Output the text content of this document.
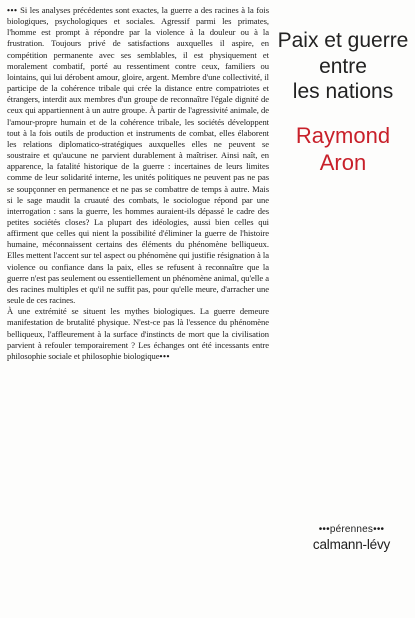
••• Si les analyses précédentes sont exactes, la guerre a des racines à la fois biologiques, psychologiques et sociales. Agressif parmi les primates, l'homme est prompt à répondre par la violence à la douleur ou à la frustration. Toujours privé de satisfactions auxquelles il aspire, en compétition permanente avec ses semblables, il est physiquement et moralement combatif, porté au ressentiment contre ceux, familiers ou lointains, qui lui dérobent amour, gloire, argent. Membre d'une collectivité, il participe de la cohérence tribale qui crée la distance entre compatriotes et étrangers, interdit aux membres d'un groupe de reconnaître l'égale dignité de ceux qui appartiennent à un autre groupe. À partir de l'agressivité animale, de l'amour-propre humain et de la cohérence tribale, les sociétés développent tout à la fois outils de production et instruments de combat, elles élaborent les relations diplomatico-stratégiques auxquelles elles ne peuvent se soustraire et qu'aucune ne parvient durablement à maîtriser. Ainsi naît, en apparence, la fatalité historique de la guerre : incertaines de leurs limites comme de leur solidarité interne, les unités politiques ne peuvent pas ne pas se soupçonner en permanence et ne pas se combattre de temps à autre. Mais si le sage maudit la cruauté des combats, le sociologue répond par une interrogation : sans la guerre, les hommes auraient-ils dépassé le cadre des petites sociétés closes? La plupart des idéologies, aussi bien celles qui affirment que celles qui nient la possibilité d'éliminer la guerre de l'histoire humaine, méconnaissent certains des éléments du phénomène belliqueux. Elles mettent l'accent sur tel aspect ou phénomène qui justifie résignation à la violence ou confiance dans la paix, elles se refusent à reconnaître que la guerre n'est pas seulement ou essentiellement un phénomène animal, qu'elle a des racines multiples et qu'il ne suffit pas, pour qu'elle meure, d'arracher une seule de ces racines.
À une extrémité se situent les mythes biologiques. La guerre demeure manifestation de brutalité physique. N'est-ce pas là l'essence du phénomène belliqueux, l'affleurement à la surface d'instincts de mort que la civilisation parvient à refouler temporairement ? Les échanges ont été incessants entre philosophie sociale et philosophie biologique•••
Paix et guerre
entre
les nations
Raymond
Aron
•••pérennes•••
calmann-lévy
